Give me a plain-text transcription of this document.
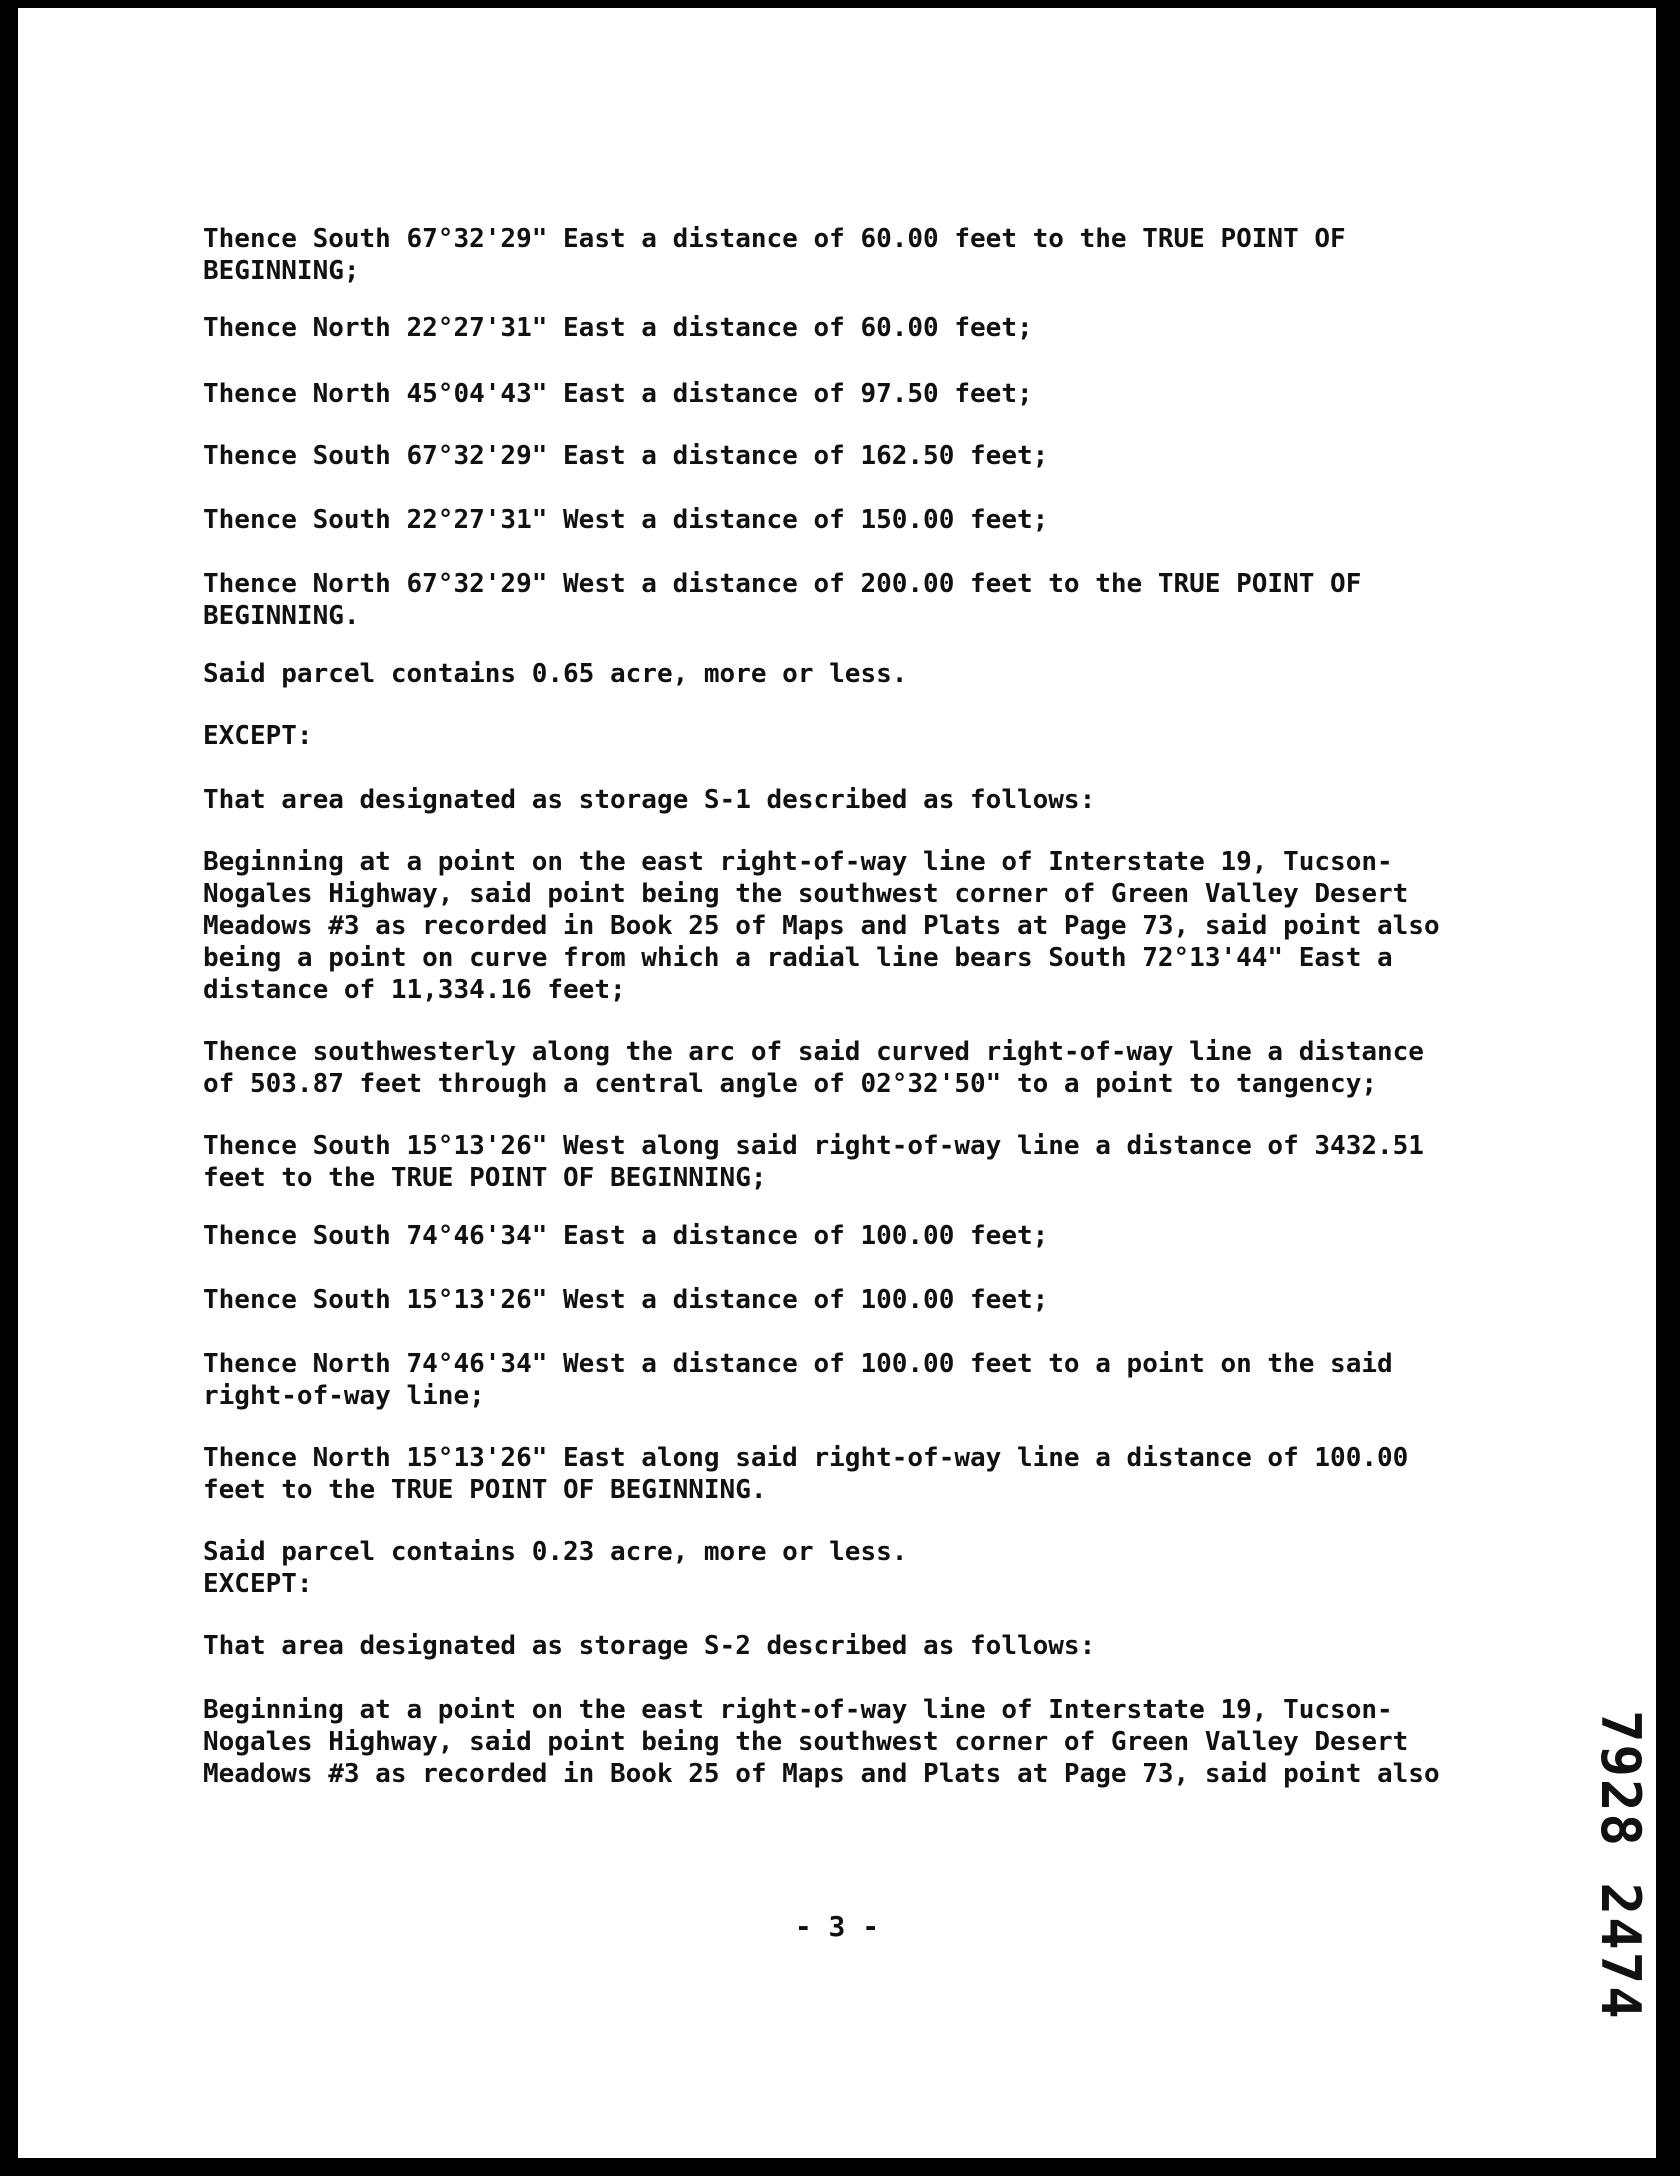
Thence South 67°32'29" East a distance of 60.00 feet to the TRUE POINT OF
BEGINNING;

Thence North 22°27'31" East a distance of 60.00 feet;

Thence North 45°04'43" East a distance of 97.50 feet;

Thence South 67°32'29" East a distance of 162.50 feet;

Thence South 22°27'31" West a distance of 150.00 feet;

Thence North 67°32'29" West a distance of 200.00 feet to the TRUE POINT OF
BEGINNING.

Said parcel contains 0.65 acre, more or less.

EXCEPT:

That area designated as storage S-1 described as follows:

Beginning at a point on the east right-of-way line of Interstate 19, Tucson-
Nogales Highway, said point being the southwest corner of Green Valley Desert
Meadows #3 as recorded in Book 25 of Maps and Plats at Page 73, said point also
being a point on curve from which a radial line bears South 72°13'44" East a
distance of 11,334.16 feet;

Thence southwesterly along the arc of said curved right-of-way line a distance
of 503.87 feet through a central angle of 02°32'50" to a point to tangency;

Thence South 15°13'26" West along said right-of-way line a distance of 3432.51
feet to the TRUE POINT OF BEGINNING;

Thence South 74°46'34" East a distance of 100.00 feet;

Thence South 15°13'26" West a distance of 100.00 feet;

Thence North 74°46'34" West a distance of 100.00 feet to a point on the said
right-of-way line;

Thence North 15°13'26" East along said right-of-way line a distance of 100.00
feet to the TRUE POINT OF BEGINNING.

Said parcel contains 0.23 acre, more or less.
EXCEPT:

That area designated as storage S-2 described as follows:

Beginning at a point on the east right-of-way line of Interstate 19, Tucson-
Nogales Highway, said point being the southwest corner of Green Valley Desert
Meadows #3 as recorded in Book 25 of Maps and Plats at Page 73, said point also

- 3 -	7928 2474
